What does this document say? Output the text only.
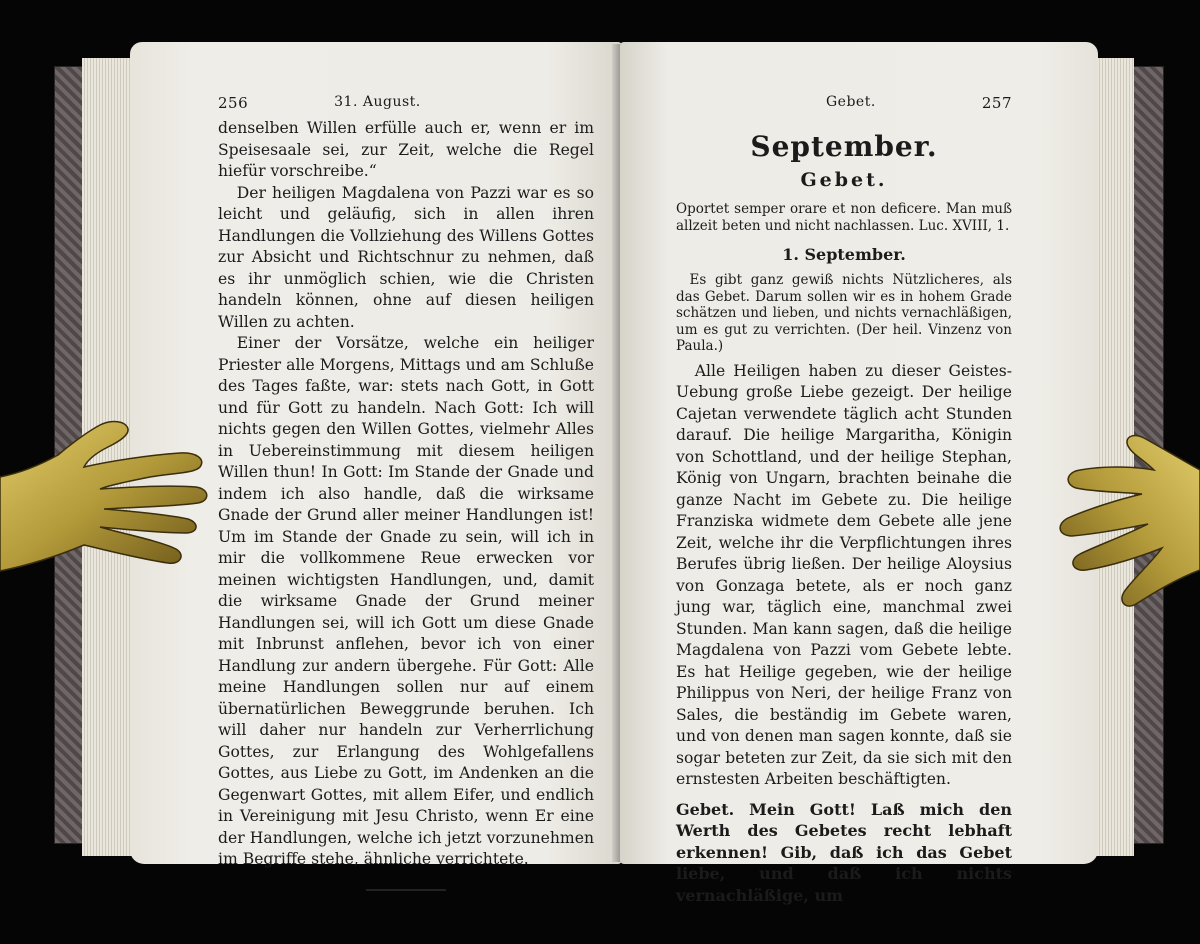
256	31. August.

denselben Willen erfülle auch er, wenn er im Speisesaale sei, zur Zeit, welche die Regel hiefür vorschreibe.“

Der heiligen Magdalena von Pazzi war es so leicht und geläufig, sich in allen ihren Handlungen die Vollziehung des Willens Gottes zur Absicht und Richtschnur zu nehmen, daß es ihr unmöglich schien, wie die Christen handeln können, ohne auf diesen heiligen Willen zu achten.

Einer der Vorsätze, welche ein heiliger Priester alle Morgens, Mittags und am Schluße des Tages faßte, war: stets nach Gott, in Gott und für Gott zu handeln. Nach Gott: Ich will nichts gegen den Willen Gottes, vielmehr Alles in Uebereinstimmung mit diesem heiligen Willen thun! In Gott: Im Stande der Gnade und indem ich also handle, daß die wirksame Gnade der Grund aller meiner Handlungen ist! Um im Stande der Gnade zu sein, will ich in mir die vollkommene Reue erwecken vor meinen wichtigsten Handlungen, und, damit die wirksame Gnade der Grund meiner Handlungen sei, will ich Gott um diese Gnade mit Inbrunst anflehen, bevor ich von einer Handlung zur andern übergehe. Für Gott: Alle meine Handlungen sollen nur auf einem übernatürlichen Beweggrunde beruhen. Ich will daher nur handeln zur Verherrlichung Gottes, zur Erlangung des Wohlgefallens Gottes, aus Liebe zu Gott, im Andenken an die Gegenwart Gottes, mit allem Eifer, und endlich in Vereinigung mit Jesu Christo, wenn Er eine der Handlungen, welche ich jetzt vorzunehmen im Begriffe stehe, ähnliche verrichtete.

Gebet.	257
September.
Gebet.
Oportet semper orare et non deficere. Man muß allzeit beten und nicht nachlassen. Luc. XVIII, 1.
1. September.
Es gibt ganz gewiß nichts Nützlicheres, als das Gebet. Darum sollen wir es in hohem Grade schätzen und lieben, und nichts vernachläßigen, um es gut zu verrichten. (Der heil. Vinzenz von Paula.)

Alle Heiligen haben zu dieser Geistes-Uebung große Liebe gezeigt. Der heilige Cajetan verwendete täglich acht Stunden darauf. Die heilige Margaritha, Königin von Schottland, und der heilige Stephan, König von Ungarn, brachten beinahe die ganze Nacht im Gebete zu. Die heilige Franziska widmete dem Gebete alle jene Zeit, welche ihr die Verpflichtungen ihres Berufes übrig ließen. Der heilige Aloysius von Gonzaga betete, als er noch ganz jung war, täglich eine, manchmal zwei Stunden. Man kann sagen, daß die heilige Magdalena von Pazzi vom Gebete lebte. Es hat Heilige gegeben, wie der heilige Philippus von Neri, der heilige Franz von Sales, die beständig im Gebete waren, und von denen man sagen konnte, daß sie sogar beteten zur Zeit, da sie sich mit den ernstesten Arbeiten beschäftigten.

Gebet. Mein Gott! Laß mich den Werth des Gebetes recht lebhaft erkennen! Gib, daß ich das Gebet liebe, und daß ich nichts vernachläßige, um
